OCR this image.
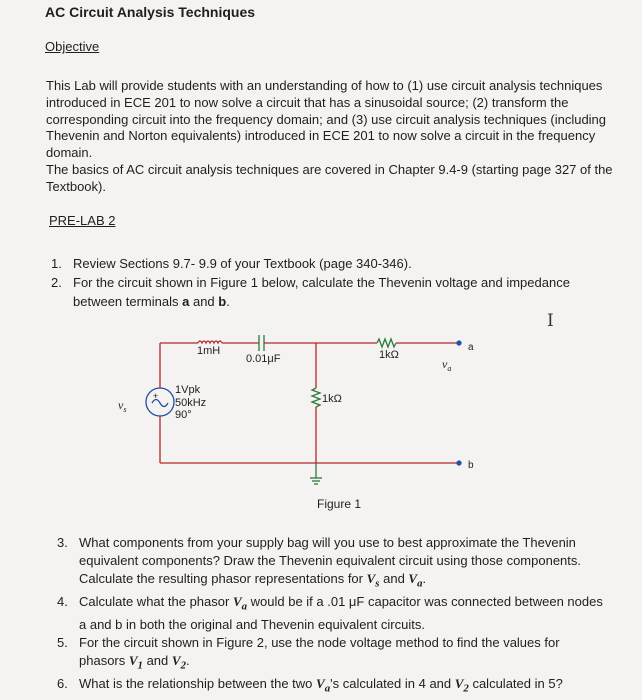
AC Circuit Analysis Techniques
Objective
This Lab will provide students with an understanding of how to (1) use circuit analysis techniques
introduced in ECE 201 to now solve a circuit that has a sinusoidal source; (2) transform the
corresponding circuit into the frequency domain; and (3) use circuit analysis techniques (including
Thevenin and Norton equivalents) introduced in ECE 201 to now solve a circuit in the frequency domain.
The basics of AC circuit analysis techniques are covered in Chapter 9.4-9 (starting page 327 of the
Textbook).
PRE-LAB 2
1. Review Sections 9.7- 9.9 of your Textbook (page 340-346).
2. For the circuit shown in Figure 1 below, calculate the Thevenin voltage and impedance
between terminals a and b.
I
1mH
0.01μF	1kΩ
1kΩ
1Vpk
50kHz
90°
+
$v_s$
$v_a$
a
b
Figure 1
3. What components from your supply bag will you use to best approximate the Thevenin
equivalent components? Draw the Thevenin equivalent circuit using those components.
Calculate the resulting phasor representations for $V_s$ and $V_a$.
4. Calculate what the phasor $V_a$ would be if a .01 μF capacitor was connected between nodes
a and b in both the original and Thevenin equivalent circuits.
5. For the circuit shown in Figure 2, use the node voltage method to find the values for
phasors $V_1$ and $V_2$.
6. What is the relationship between the two $V_a's$ calculated in 4 and $V_2$ calculated in 5?
